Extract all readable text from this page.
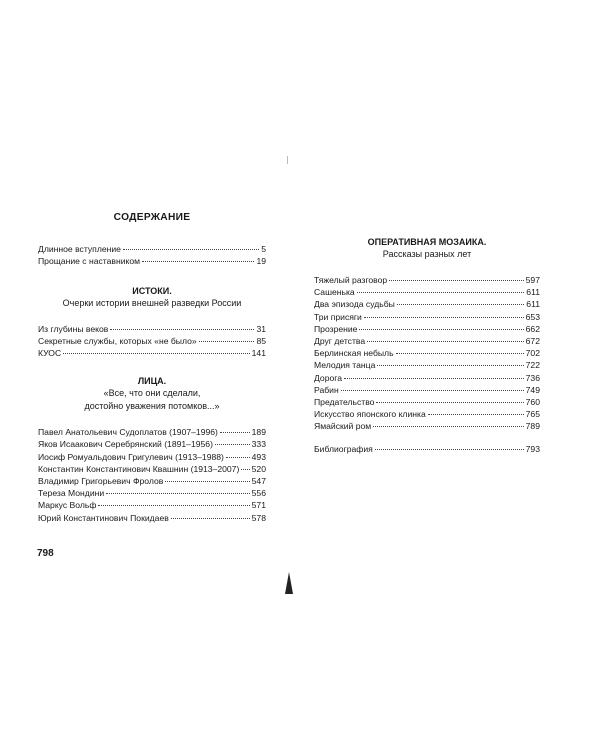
СОДЕРЖАНИЕ
Длинное вступление	5
Прощание с наставником	19
ИСТОКИ.
Очерки истории внешней разведки России
Из глубины веков	31
Секретные службы, которых «не было»	85
КУОС	141
ЛИЦА.
«Все, что они сделали,
достойно уважения потомков...»
Павел Анатольевич Судоплатов (1907–1996)	189
Яков Исаакович Серебрянский (1891–1956)	333
Иосиф Ромуальдович Григулевич (1913–1988)	493
Константин Константинович Квашнин (1913–2007) 520
Владимир Григорьевич Фролов	547
Тереза Мондини	556
Маркус Вольф	571
Юрий Константинович Покидаев	578
798
ОПЕРАТИВНАЯ МОЗАИКА.
Рассказы разных лет
Тяжелый разговор	597
Сашенька	611
Два эпизода судьбы	611
Три присяги	653
Прозрение	662
Друг детства	672
Берлинская небыль	702
Мелодия танца	722
Дорога	736
Рабин	749
Предательство	760
Искусство японского клинка	765
Ямайский ром	789
Библиография	793
